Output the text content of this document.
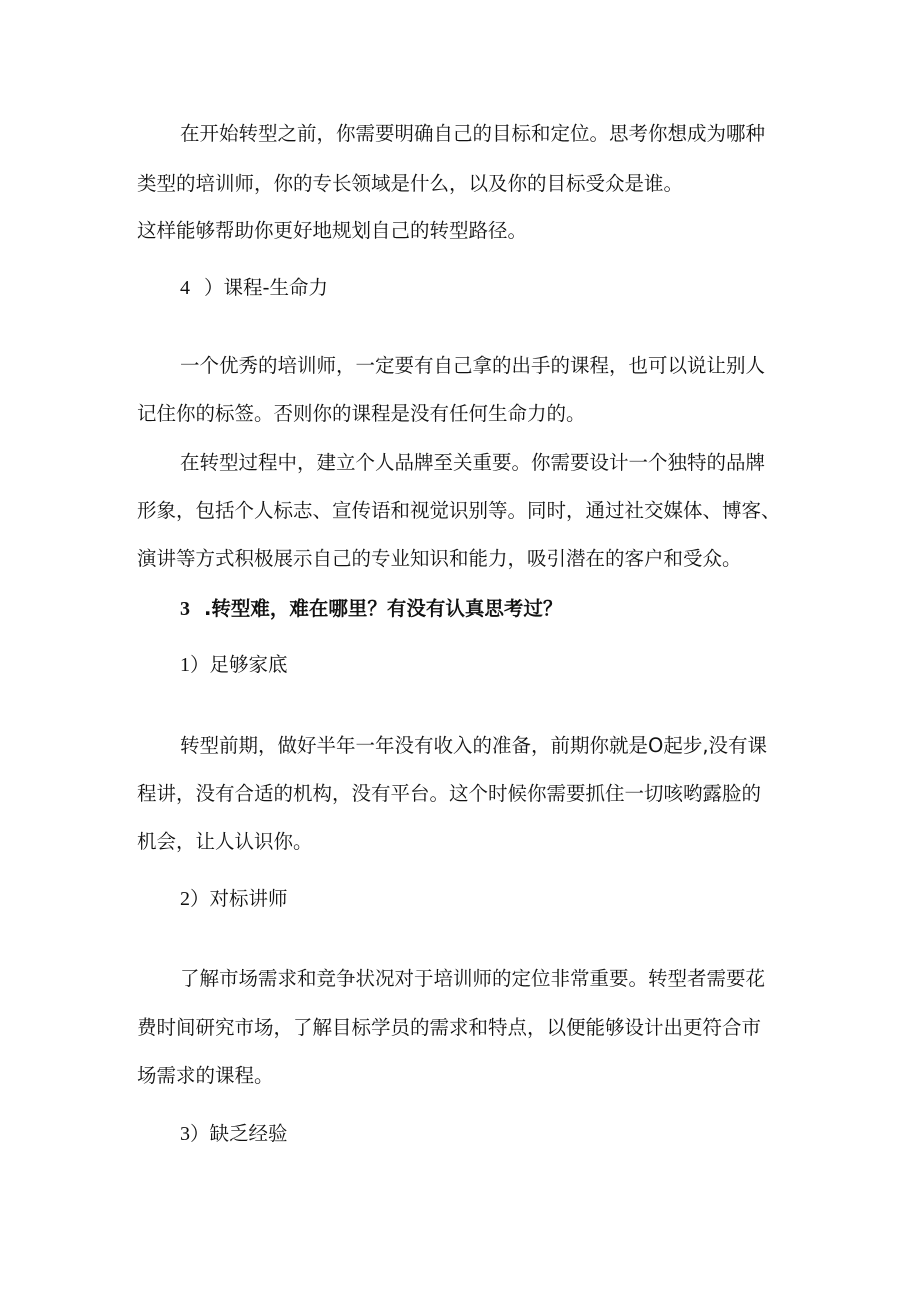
在开始转型之前，你需要明确自己的目标和定位。思考你想成为哪种
类型的培训师，你的专长领域是什么，以及你的目标受众是谁。
这样能够帮助你更好地规划自己的转型路径。
4 ）课程-生命力
一个优秀的培训师，一定要有自己拿的出手的课程，也可以说让别人
记住你的标签。否则你的课程是没有任何生命力的。
在转型过程中，建立个人品牌至关重要。你需要设计一个独特的品牌
形象，包括个人标志、宣传语和视觉识别等。同时，通过社交媒体、博客、
演讲等方式积极展示自己的专业知识和能力，吸引潜在的客户和受众。
3 .转型难，难在哪里？有没有认真思考过？
1）足够家底
转型前期，做好半年一年没有收入的准备，前期你就是O起步,没有课
程讲，没有合适的机构，没有平台。这个时候你需要抓住一切咳哟露脸的
机会，让人认识你。
2）对标讲师
了解市场需求和竞争状况对于培训师的定位非常重要。转型者需要花
费时间研究市场，了解目标学员的需求和特点，以便能够设计出更符合市
场需求的课程。
3）缺乏经验
